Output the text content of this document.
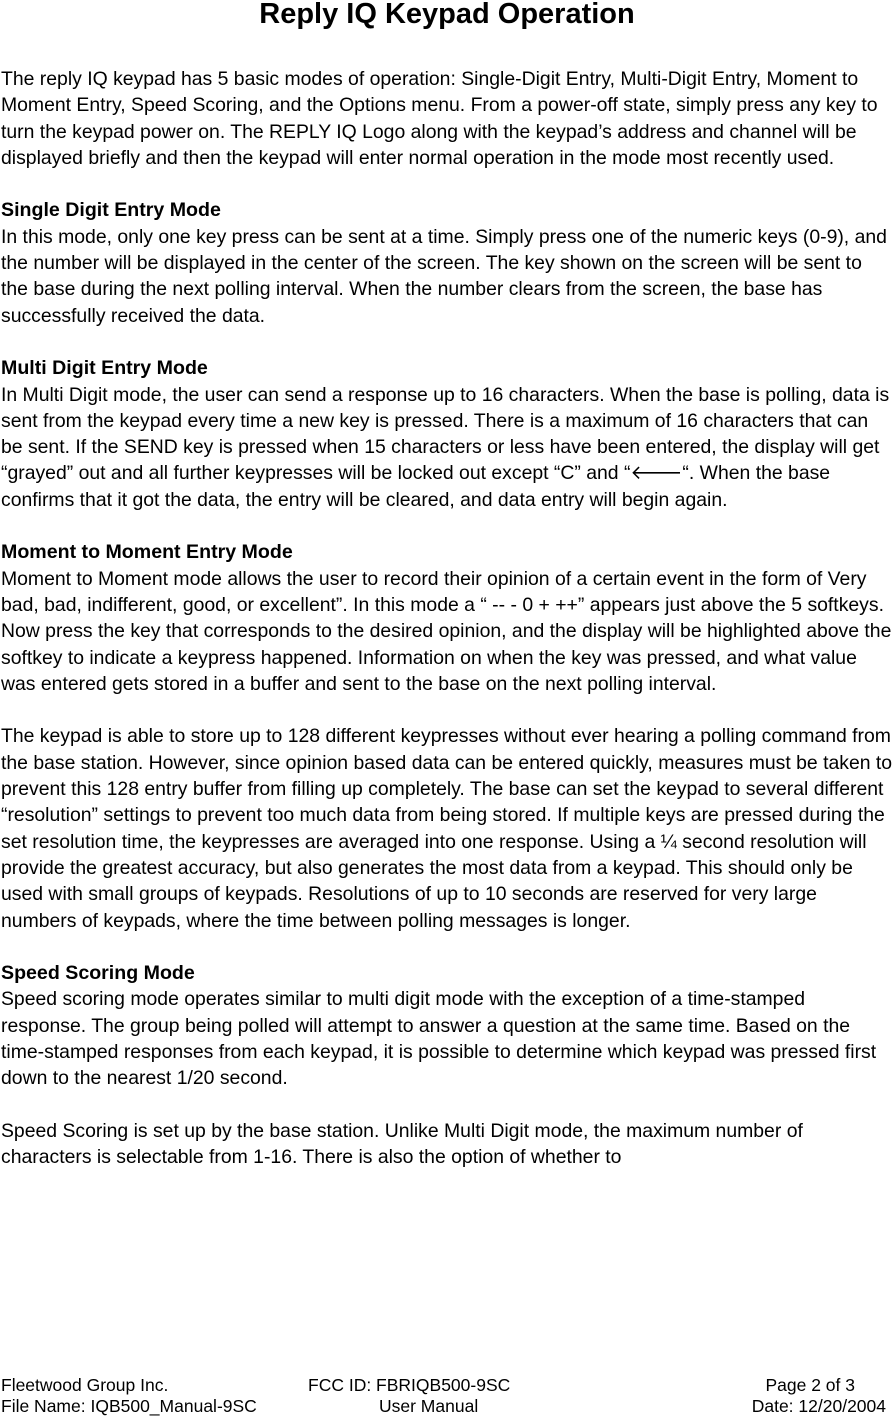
Reply IQ Keypad Operation

The reply IQ keypad has 5 basic modes of operation: Single-Digit Entry, Multi-Digit Entry, Moment to Moment Entry, Speed Scoring, and the Options menu. From a power-off state, simply press any key to turn the keypad power on. The REPLY IQ Logo along with the keypad’s address and channel will be displayed briefly and then the keypad will enter normal operation in the mode most recently used.

Single Digit Entry Mode

In this mode, only one key press can be sent at a time. Simply press one of the numeric keys (0-9), and the number will be displayed in the center of the screen. The key shown on the screen will be sent to the base during the next polling interval. When the number clears from the screen, the base has successfully received the data.

Multi Digit Entry Mode

In Multi Digit mode, the user can send a response up to 16 characters. When the base is polling, data is sent from the keypad every time a new key is pressed. There is a maximum of 16 characters that can be sent. If the SEND key is pressed when 15 characters or less have been entered, the display will get “grayed” out and all further keypresses will be locked out except “C” and “🡐“. When the base confirms that it got the data, the entry will be cleared, and data entry will begin again.

Moment to Moment Entry Mode

Moment to Moment mode allows the user to record their opinion of a certain event in the form of Very bad, bad, indifferent, good, or excellent”. In this mode a “ -- - 0 + ++” appears just above the 5 softkeys. Now press the key that corresponds to the desired opinion, and the display will be highlighted above the softkey to indicate a keypress happened. Information on when the key was pressed, and what value was entered gets stored in a buffer and sent to the base on the next polling interval.

The keypad is able to store up to 128 different keypresses without ever hearing a polling command from the base station. However, since opinion based data can be entered quickly, measures must be taken to prevent this 128 entry buffer from filling up completely. The base can set the keypad to several different “resolution” settings to prevent too much data from being stored. If multiple keys are pressed during the set resolution time, the keypresses are averaged into one response. Using a ¼ second resolution will provide the greatest accuracy, but also generates the most data from a keypad. This should only be used with small groups of keypads. Resolutions of up to 10 seconds are reserved for very large numbers of keypads, where the time between polling messages is longer.

Speed Scoring Mode

Speed scoring mode operates similar to multi digit mode with the exception of a time-stamped response. The group being polled will attempt to answer a question at the same time. Based on the time-stamped responses from each keypad, it is possible to determine which keypad was pressed first down to the nearest 1/20 second.

Speed Scoring is set up by the base station. Unlike Multi Digit mode, the maximum number of characters is selectable from 1-16. There is also the option of whether to

Fleetwood Group Inc.	FCC ID: FBRIQB500-9SC	Page 2 of 3
File Name: IQB500_Manual-9SC	User Manual	Date: 12/20/2004
